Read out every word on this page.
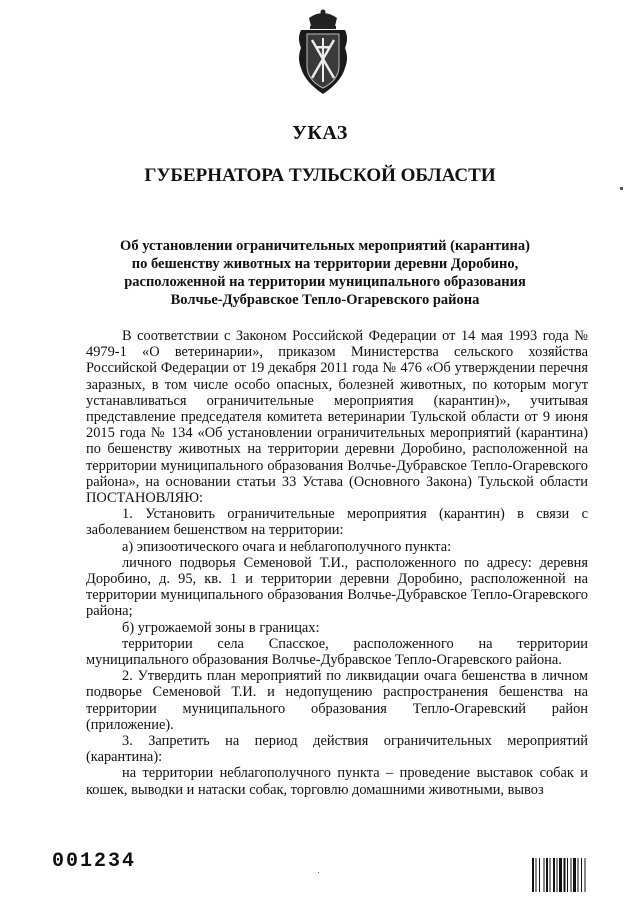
УКАЗ
ГУБЕРНАТОРА ТУЛЬСКОЙ ОБЛАСТИ
Об установлении ограничительных мероприятий (карантина)
по бешенству животных на территории деревни Доробино,
расположенной на территории муниципального образования
Волчье-Дубравское Тепло-Огаревского района

В соответствии с Законом Российской Федерации от 14 мая 1993 года № 4979-1 «О ветеринарии», приказом Министерства сельского хозяйства Российской Федерации от 19 декабря 2011 года № 476 «Об утверждении перечня заразных, в том числе особо опасных, болезней животных, по которым могут устанавливаться ограничительные мероприятия (карантин)», учитывая представление председателя комитета ветеринарии Тульской области от 9 июня 2015 года № 134 «Об установлении ограничительных мероприятий (карантина) по бешенству животных на территории деревни Доробино, расположенной на территории муниципального образования Волчье-Дубравское Тепло-Огаревского района», на основании статьи 33 Устава (Основного Закона) Тульской области ПОСТАНОВЛЯЮ:

1. Установить ограничительные мероприятия (карантин) в связи с заболеванием бешенством на территории:

а) эпизоотического очага и неблагополучного пункта:

личного подворья Семеновой Т.И., расположенного по адресу: деревня Доробино, д. 95, кв. 1 и территории деревни Доробино, расположенной на территории муниципального образования Волчье-Дубравское Тепло-Огаревского района;

б) угрожаемой зоны в границах:

территории села Спасское, расположенного на территории муниципального образования Волчье-Дубравское Тепло-Огаревского района.

2. Утвердить план мероприятий по ликвидации очага бешенства в личном подворье Семеновой Т.И. и недопущению распространения бешенства на территории муниципального образования Тепло-Огаревский район (приложение).

3. Запретить на период действия ограничительных мероприятий (карантина):

на территории неблагополучного пункта – проведение выставок собак и кошек, выводки и натаски собак, торговлю домашними животными, вывоз

001234
